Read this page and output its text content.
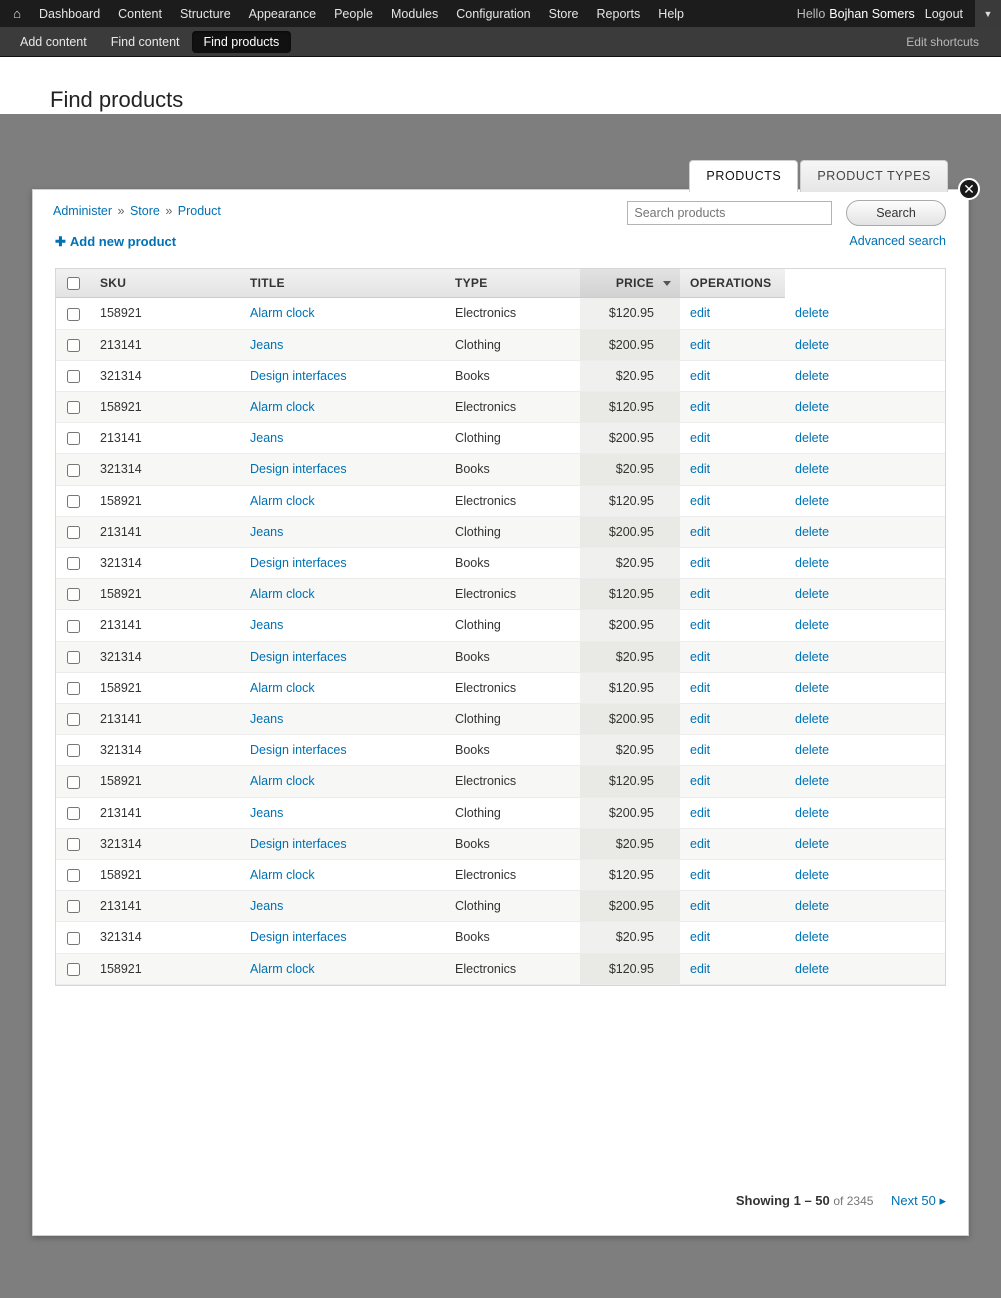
⌂	Dashboard	Content	Structure	Appearance	People	Modules	Configuration	Store	Reports	Help	Hello Bojhan Somers Logout	▼
Add content	Find content	Find products	Edit shortcuts
Find products
PRODUCTS	PRODUCT TYPES
✕
Administer » Store » Product
Search products	Search
Advanced search
✚ Add new product
	SKU	TITLE	TYPE	PRICE	OPERATIONS	
	158921	Alarm clock	Electronics	$120.95	edit	delete
	213141	Jeans	Clothing	$200.95	edit	delete
	321314	Design interfaces	Books	$20.95	edit	delete
	158921	Alarm clock	Electronics	$120.95	edit	delete
	213141	Jeans	Clothing	$200.95	edit	delete
	321314	Design interfaces	Books	$20.95	edit	delete
	158921	Alarm clock	Electronics	$120.95	edit	delete
	213141	Jeans	Clothing	$200.95	edit	delete
	321314	Design interfaces	Books	$20.95	edit	delete
	158921	Alarm clock	Electronics	$120.95	edit	delete
	213141	Jeans	Clothing	$200.95	edit	delete
	321314	Design interfaces	Books	$20.95	edit	delete
	158921	Alarm clock	Electronics	$120.95	edit	delete
	213141	Jeans	Clothing	$200.95	edit	delete
	321314	Design interfaces	Books	$20.95	edit	delete
	158921	Alarm clock	Electronics	$120.95	edit	delete
	213141	Jeans	Clothing	$200.95	edit	delete
	321314	Design interfaces	Books	$20.95	edit	delete
	158921	Alarm clock	Electronics	$120.95	edit	delete
	213141	Jeans	Clothing	$200.95	edit	delete
	321314	Design interfaces	Books	$20.95	edit	delete
	158921	Alarm clock	Electronics	$120.95	edit	delete
Showing 1 – 50 of 2345 Next 50 ▸
